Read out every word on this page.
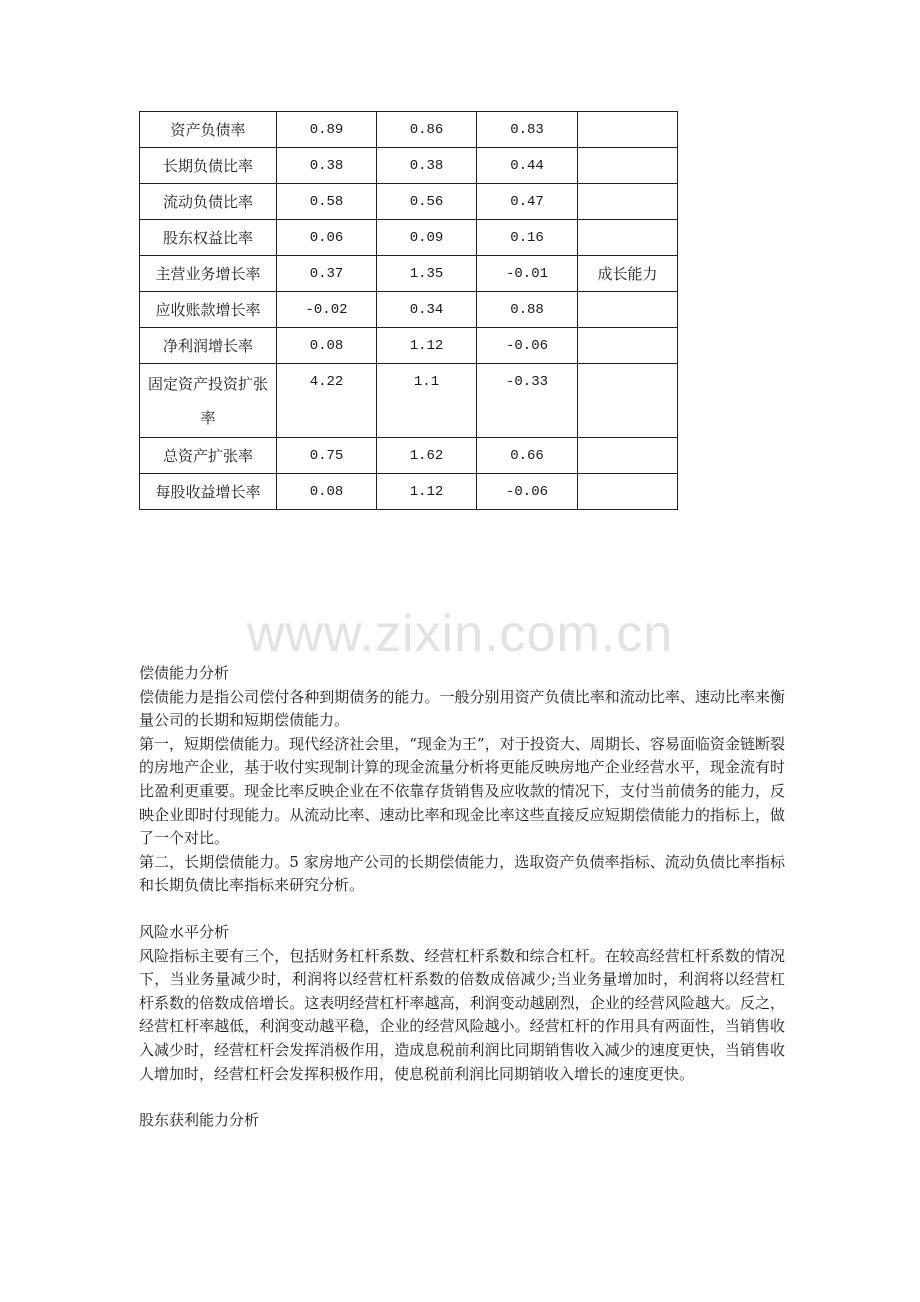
资产负债率	0.89	0.86	0.83	
长期负债比率	0.38	0.38	0.44	
流动负债比率	0.58	0.56	0.47	
股东权益比率	0.06	0.09	0.16	
主营业务增长率	0.37	1.35	-0.01	成长能力
应收账款增长率	-0.02	0.34	0.88	
净利润增长率	0.08	1.12	-0.06	
固定资产投资扩张率	4.22	1.1	-0.33	
总资产扩张率	0.75	1.62	0.66	
每股收益增长率	0.08	1.12	-0.06	
www.zixin.com.cn

偿债能力分析

偿债能力是指公司偿付各种到期债务的能力。一般分别用资产负债比率和流动比率、速动比率来衡量公司的长期和短期偿债能力。

第一，短期偿债能力。现代经济社会里，“现金为王”，对于投资大、周期长、容易面临资金链断裂的房地产企业，基于收付实现制计算的现金流量分析将更能反映房地产企业经营水平，现金流有时比盈利更重要。现金比率反映企业在不依靠存货销售及应收款的情况下，支付当前债务的能力，反映企业即时付现能力。从流动比率、速动比率和现金比率这些直接反应短期偿债能力的指标上，做了一个对比。

第二，长期偿债能力。5 家房地产公司的长期偿债能力，选取资产负债率指标、流动负债比率指标和长期负债比率指标来研究分析。

风险水平分析

风险指标主要有三个，包括财务杠杆系数、经营杠杆系数和综合杠杆。在较高经营杠杆系数的情况下，当业务量减少时，利润将以经营杠杆系数的倍数成倍减少;当业务量增加时，利润将以经营杠杆系数的倍数成倍增长。这表明经营杠杆率越高，利润变动越剧烈，企业的经营风险越大。反之，经营杠杆率越低，利润变动越平稳，企业的经营风险越小。经营杠杆的作用具有两面性，当销售收入减少时，经营杠杆会发挥消极作用，造成息税前利润比同期销售收入减少的速度更快，当销售收人增加时，经营杠杆会发挥积极作用，使息税前利润比同期销收入增长的速度更快。

股东获利能力分析
